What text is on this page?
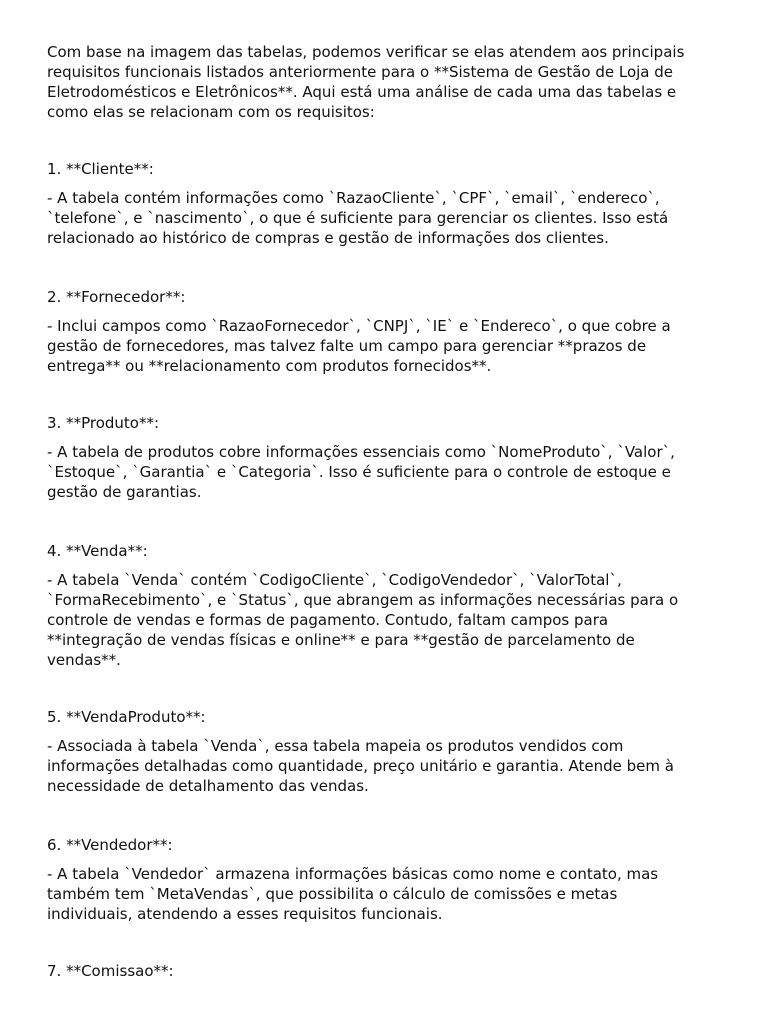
Com base na imagem das tabelas, podemos verificar se elas atendem aos principais
requisitos funcionais listados anteriormente para o **Sistema de Gestão de Loja de
Eletrodomésticos e Eletrônicos**. Aqui está uma análise de cada uma das tabelas e
como elas se relacionam com os requisitos:

1. **Cliente**:

- A tabela contém informações como `RazaoCliente`, `CPF`, `email`, `endereco`,
`telefone`, e `nascimento`, o que é suficiente para gerenciar os clientes. Isso está
relacionado ao histórico de compras e gestão de informações dos clientes.

2. **Fornecedor**:

- Inclui campos como `RazaoFornecedor`, `CNPJ`, `IE` e `Endereco`, o que cobre a
gestão de fornecedores, mas talvez falte um campo para gerenciar **prazos de
entrega** ou **relacionamento com produtos fornecidos**.

3. **Produto**:

- A tabela de produtos cobre informações essenciais como `NomeProduto`, `Valor`,
`Estoque`, `Garantia` e `Categoria`. Isso é suficiente para o controle de estoque e
gestão de garantias.

4. **Venda**:

- A tabela `Venda` contém `CodigoCliente`, `CodigoVendedor`, `ValorTotal`,
`FormaRecebimento`, e `Status`, que abrangem as informações necessárias para o
controle de vendas e formas de pagamento. Contudo, faltam campos para
**integração de vendas físicas e online** e para **gestão de parcelamento de
vendas**.

5. **VendaProduto**:

- Associada à tabela `Venda`, essa tabela mapeia os produtos vendidos com
informações detalhadas como quantidade, preço unitário e garantia. Atende bem à
necessidade de detalhamento das vendas.

6. **Vendedor**:

- A tabela `Vendedor` armazena informações básicas como nome e contato, mas
também tem `MetaVendas`, que possibilita o cálculo de comissões e metas
individuais, atendendo a esses requisitos funcionais.

7. **Comissao**:
